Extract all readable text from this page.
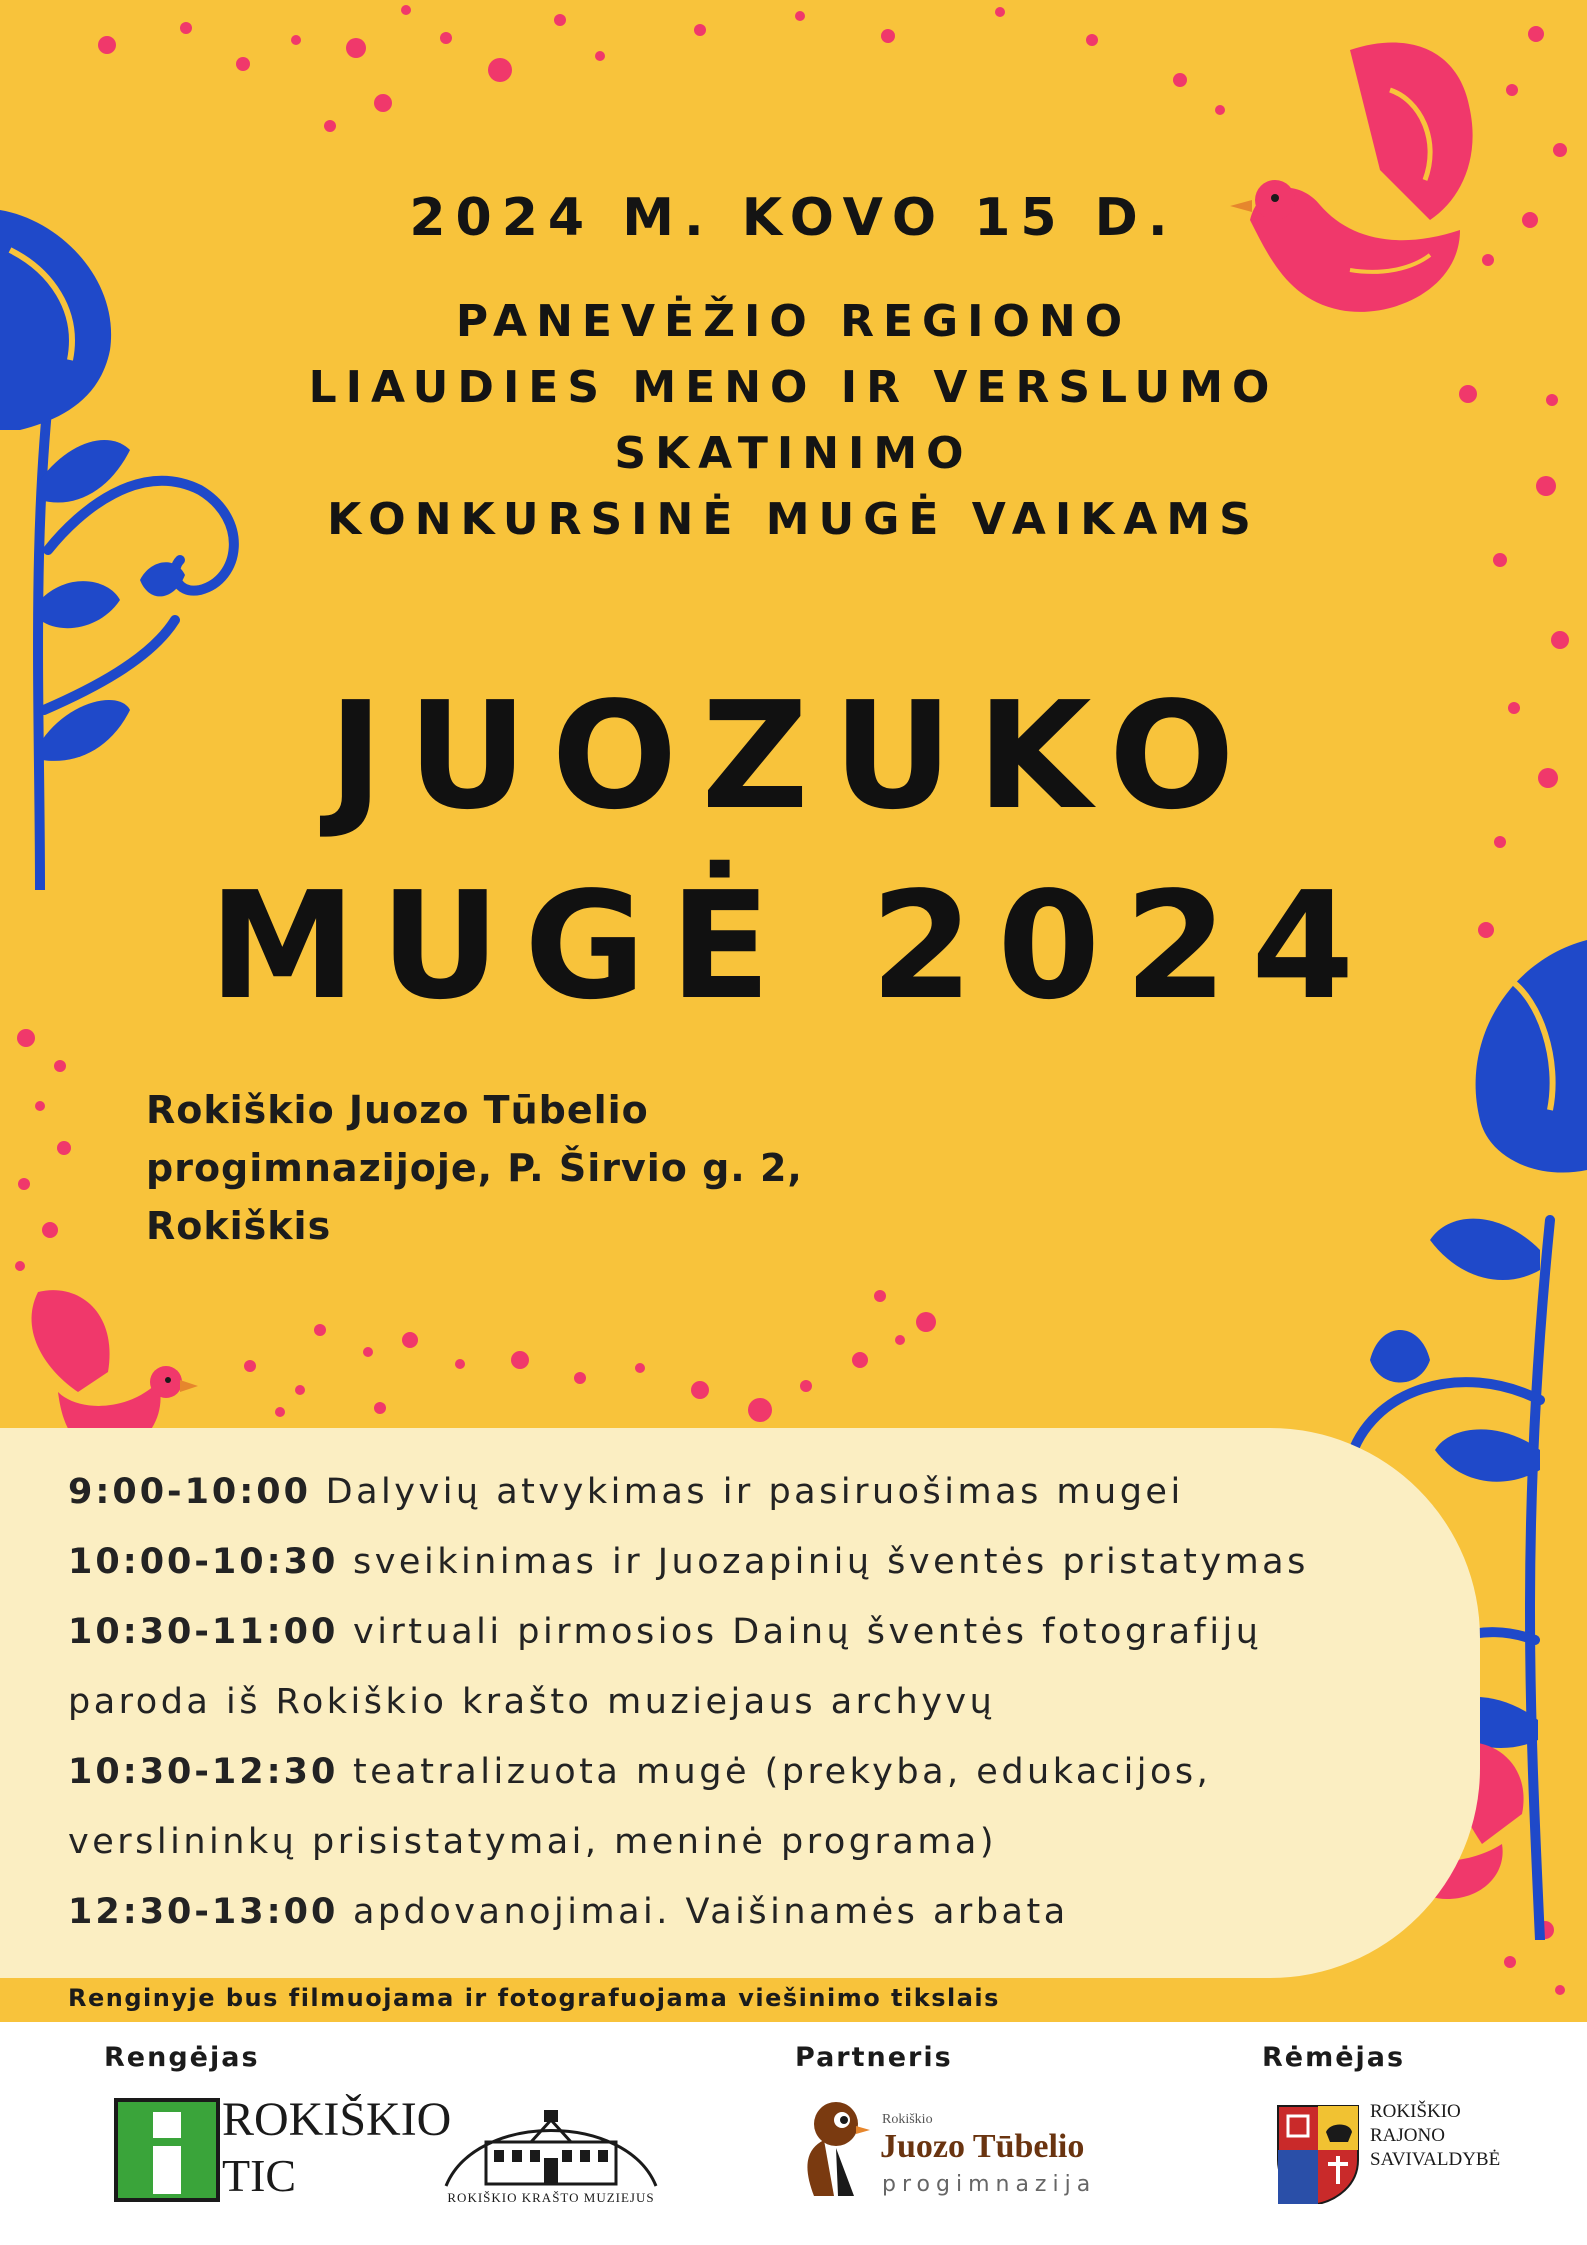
2024 M. KOVO 15 D.
PANEVĖŽIO REGIONO
LIAUDIES MENO IR VERSLUMO
SKATINIMO
KONKURSINĖ MUGĖ VAIKAMS
JUOZUKO
MUGĖ 2024
Rokiškio Juozo Tūbelio
progimnazijoje, P. Širvio g. 2,
Rokiškis
9:00-10:00 Dalyvių atvykimas ir pasiruošimas mugei
10:00-10:30 sveikinimas ir Juozapinių šventės pristatymas
10:30-11:00 virtuali pirmosios Dainų šventės fotografijų
paroda iš Rokiškio krašto muziejaus archyvų
10:30-12:30 teatralizuota mugė (prekyba, edukacijos,
verslininkų prisistatymai, meninė programa)
12:30-13:00 apdovanojimai. Vaišinamės arbata
Renginyje bus filmuojama ir fotografuojama viešinimo tikslais
Rengėjas	Partneris	Rėmėjas
ROKIŠKIO
TIC	ROKIŠKIO KRAŠTO MUZIEJUS
Rokiškio
Juozo Tūbelio
progimnazija
ROKIŠKIO
RAJONO
SAVIVALDYBĖ
